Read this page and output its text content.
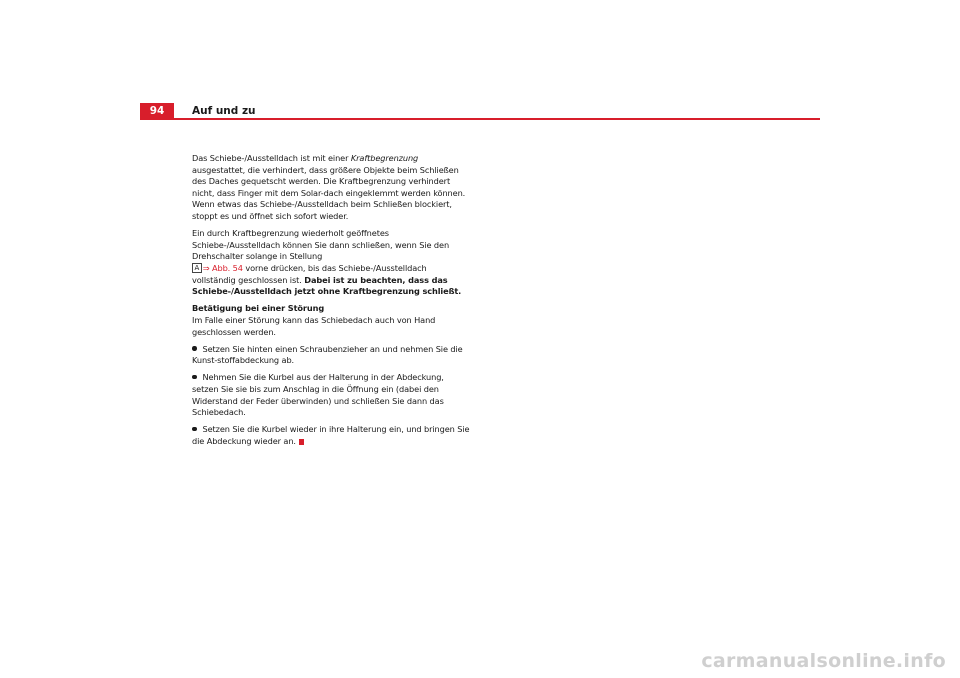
94	Auf und zu

Das Schiebe-/Ausstelldach ist mit einer Kraftbegrenzung ausgestattet, die verhindert, dass größere Objekte beim Schließen des Daches gequetscht werden. Die Kraftbegrenzung verhindert nicht, dass Finger mit dem Solar-dach eingeklemmt werden können. Wenn etwas das Schiebe-/Ausstelldach beim Schließen blockiert, stoppt es und öffnet sich sofort wieder.

Ein durch Kraftbegrenzung wiederholt geöffnetes Schiebe-/Ausstelldach können Sie dann schließen, wenn Sie den Drehschalter solange in Stellung
A ⇒ Abb. 54 vorne drücken, bis das Schiebe-/Ausstelldach vollständig geschlossen ist. Dabei ist zu beachten, dass das Schiebe-/Ausstelldach jetzt ohne Kraftbegrenzung schließt.

Betätigung bei einer Störung

Im Falle einer Störung kann das Schiebedach auch von Hand geschlossen werden.

Setzen Sie hinten einen Schraubenzieher an und nehmen Sie die Kunst-stoffabdeckung ab.

Nehmen Sie die Kurbel aus der Halterung in der Abdeckung, setzen Sie sie bis zum Anschlag in die Öffnung ein (dabei den Widerstand der Feder überwinden) und schließen Sie dann das Schiebedach.

Setzen Sie die Kurbel wieder in ihre Halterung ein, und bringen Sie die Abdeckung wieder an.

carmanualsonline.info
